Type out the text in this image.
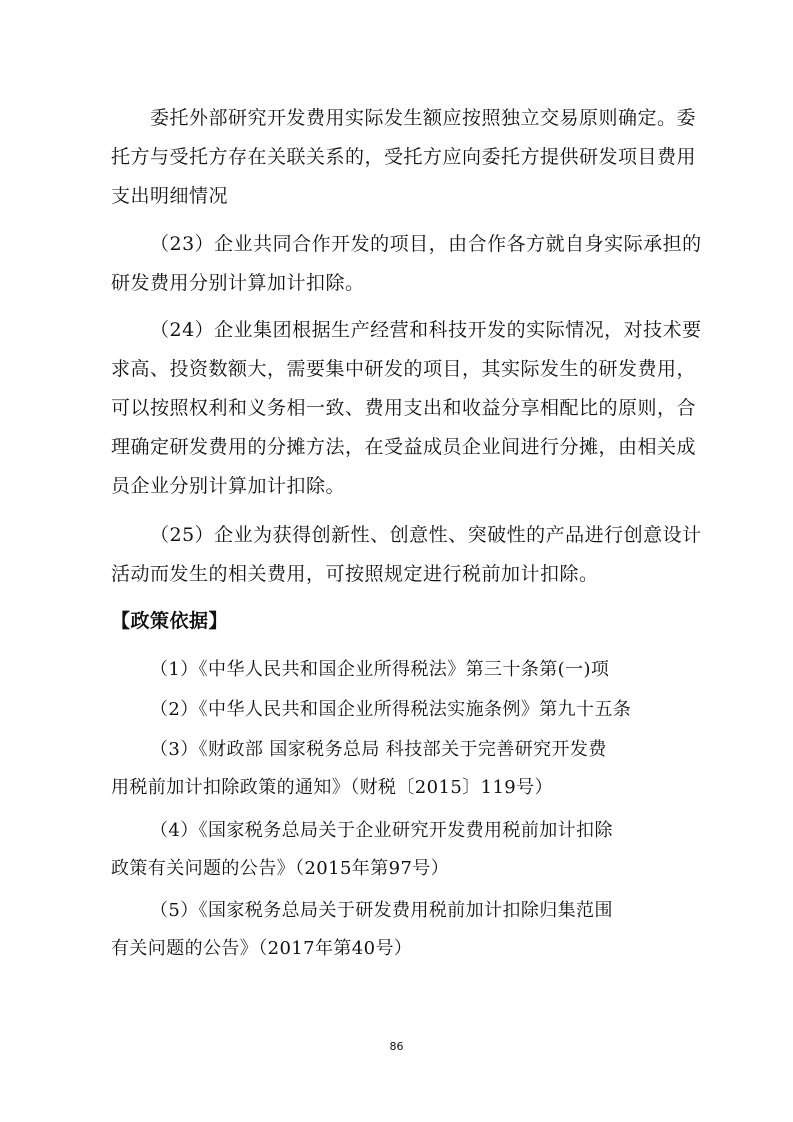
委托外部研究开发费用实际发生额应按照独立交易原则确定。委

托方与受托方存在关联关系的，受托方应向委托方提供研发项目费用

支出明细情况

（23）企业共同合作开发的项目，由合作各方就自身实际承担的

研发费用分别计算加计扣除。

（24）企业集团根据生产经营和科技开发的实际情况，对技术要

求高、投资数额大，需要集中研发的项目，其实际发生的研发费用，

可以按照权利和义务相一致、费用支出和收益分享相配比的原则，合

理确定研发费用的分摊方法，在受益成员企业间进行分摊，由相关成

员企业分别计算加计扣除。

（25）企业为获得创新性、创意性、突破性的产品进行创意设计

活动而发生的相关费用，可按照规定进行税前加计扣除。

【政策依据】

（1）《中华人民共和国企业所得税法》第三十条第(一)项

（2）《中华人民共和国企业所得税法实施条例》第九十五条

（3）《财政部 国家税务总局 科技部关于完善研究开发费

用税前加计扣除政策的通知》（财税〔2015〕119号）

（4）《国家税务总局关于企业研究开发费用税前加计扣除

政策有关问题的公告》（2015年第97号）

（5）《国家税务总局关于研发费用税前加计扣除归集范围

有关问题的公告》（2017年第40号）

86
